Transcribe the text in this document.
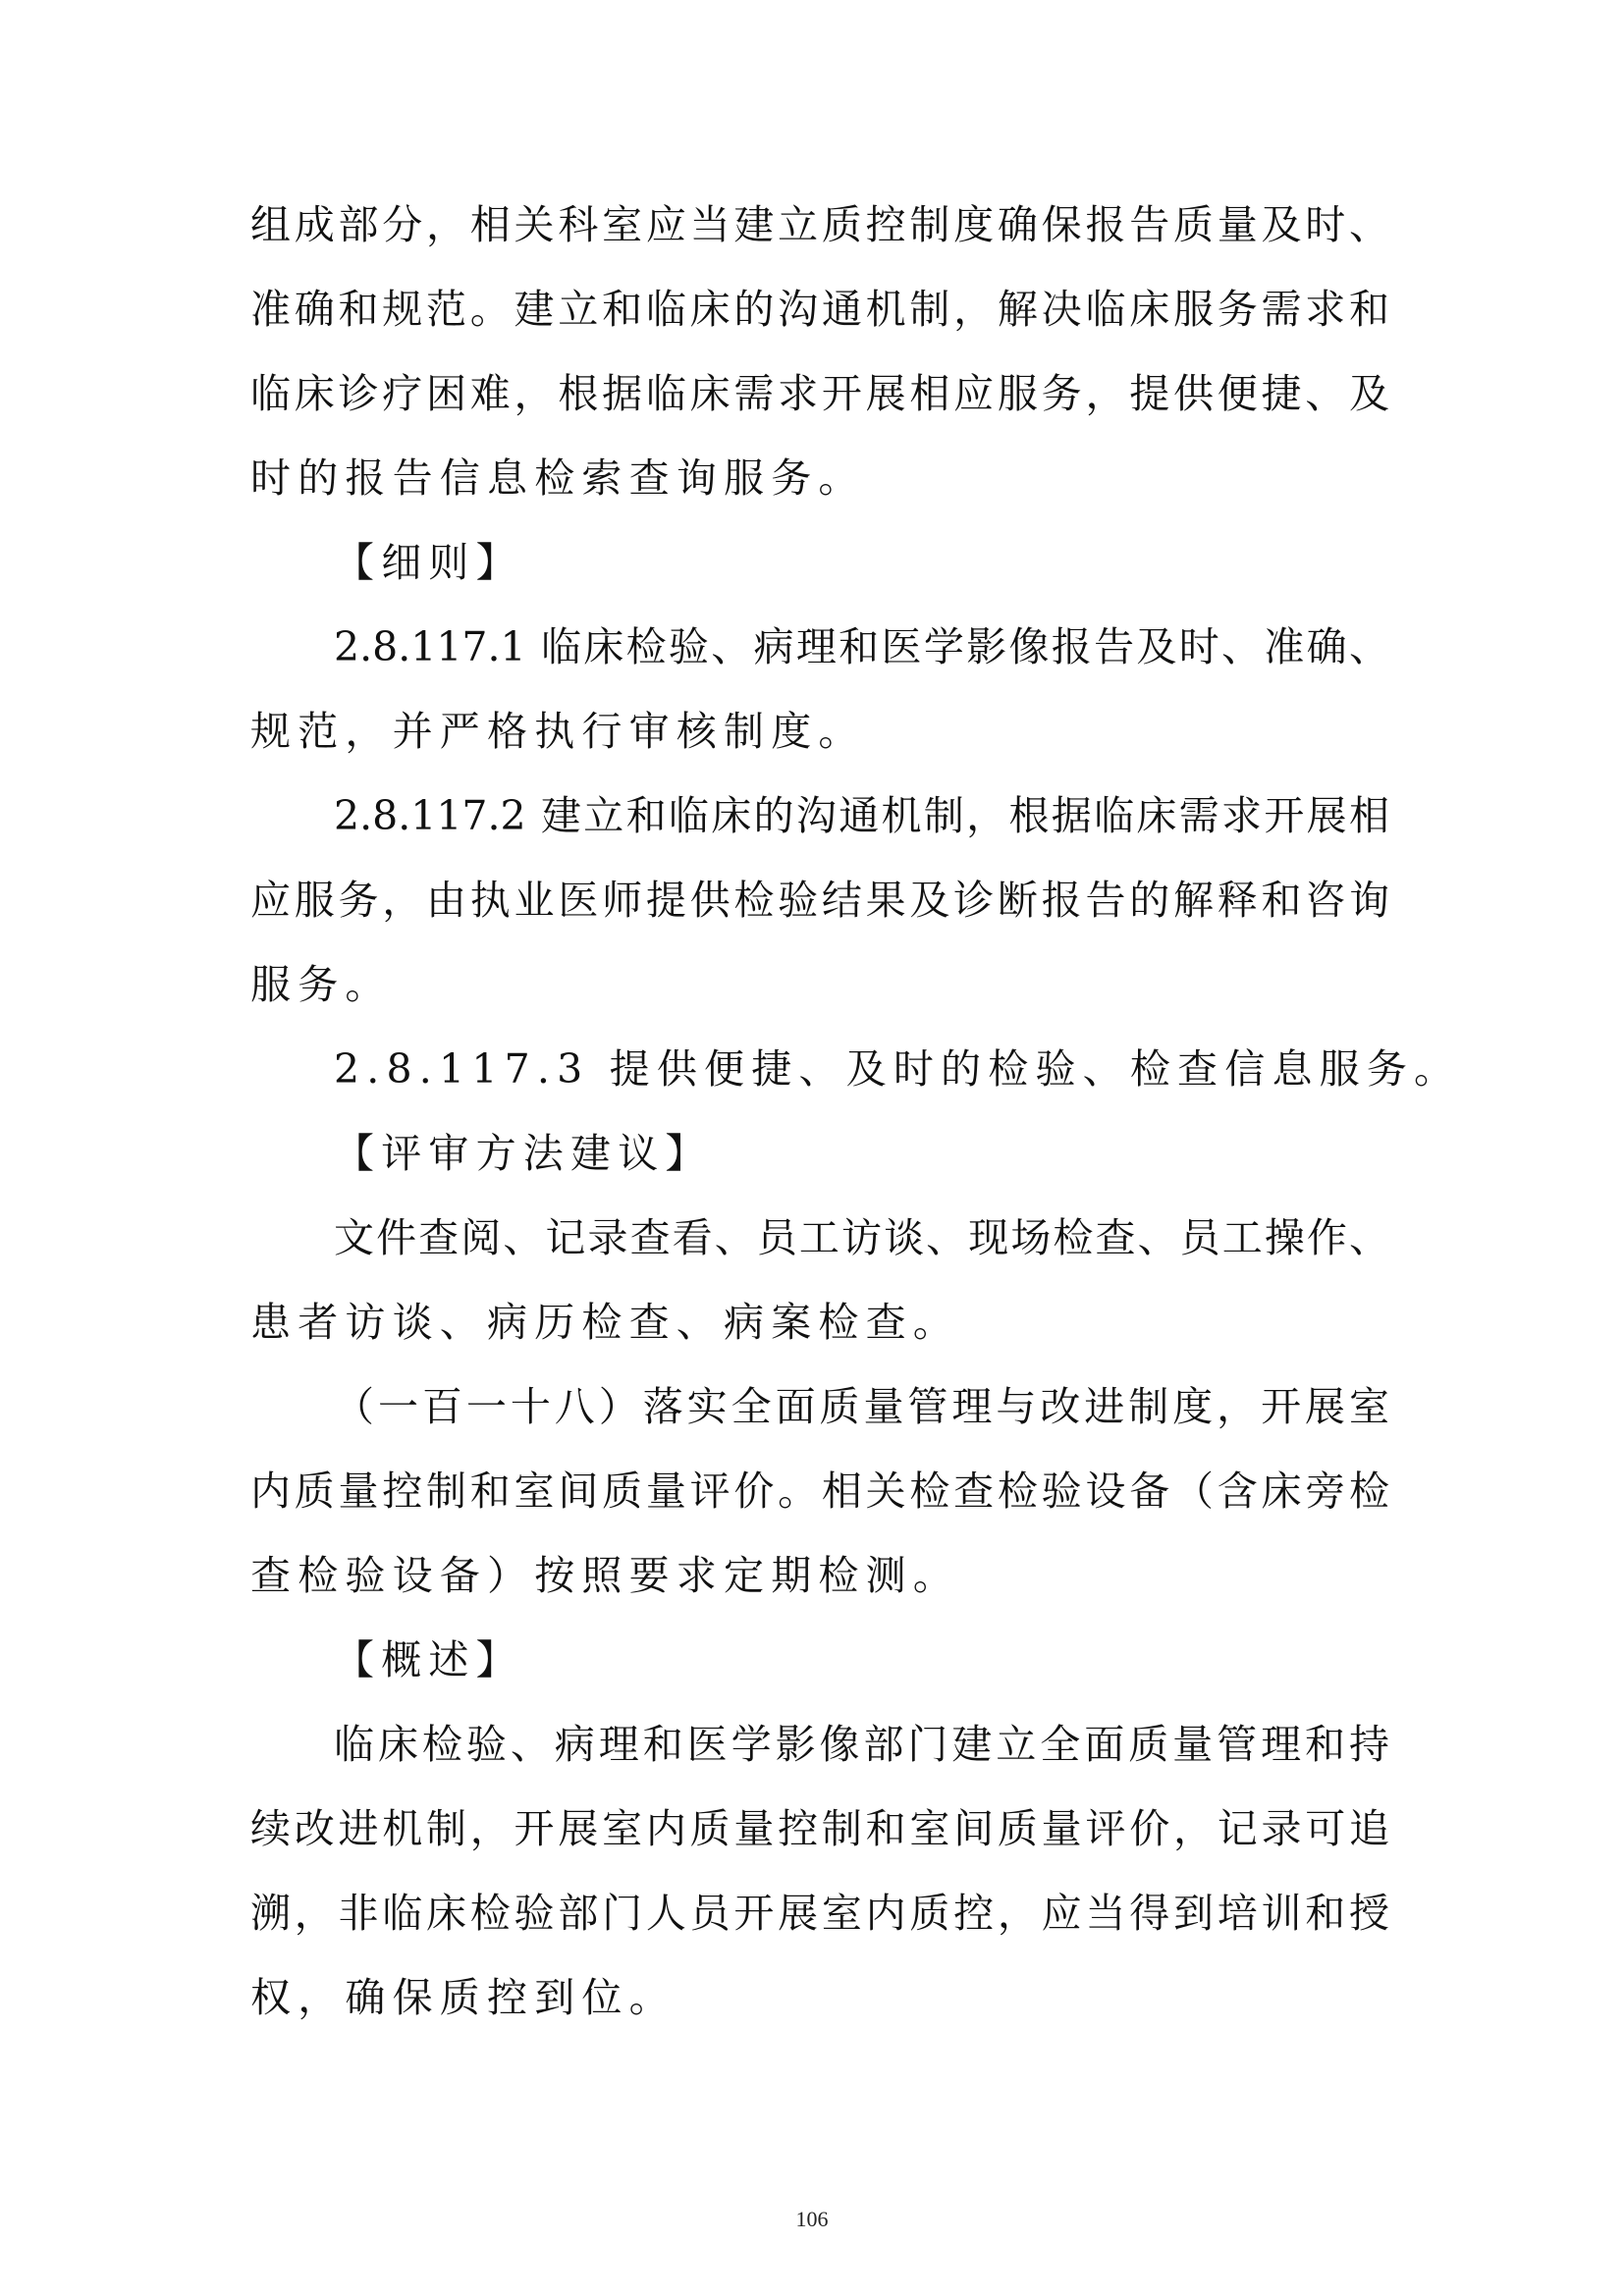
组成部分，相关科室应当建立质控制度确保报告质量及时、
准确和规范。建立和临床的沟通机制，解决临床服务需求和
临床诊疗困难，根据临床需求开展相应服务，提供便捷、及
时的报告信息检索查询服务。
【细则】
2.8.117.1 临床检验、病理和医学影像报告及时、准确、
规范，并严格执行审核制度。
2.8.117.2 建立和临床的沟通机制，根据临床需求开展相
应服务，由执业医师提供检验结果及诊断报告的解释和咨询
服务。
2.8.117.3 提供便捷、及时的检验、检查信息服务。
【评审方法建议】
文件查阅、记录查看、员工访谈、现场检查、员工操作、
患者访谈、病历检查、病案检查。
（一百一十八）落实全面质量管理与改进制度，开展室
内质量控制和室间质量评价。相关检查检验设备（含床旁检
查检验设备）按照要求定期检测。
【概述】
临床检验、病理和医学影像部门建立全面质量管理和持
续改进机制，开展室内质量控制和室间质量评价，记录可追
溯，非临床检验部门人员开展室内质控，应当得到培训和授
权，确保质控到位。
106
